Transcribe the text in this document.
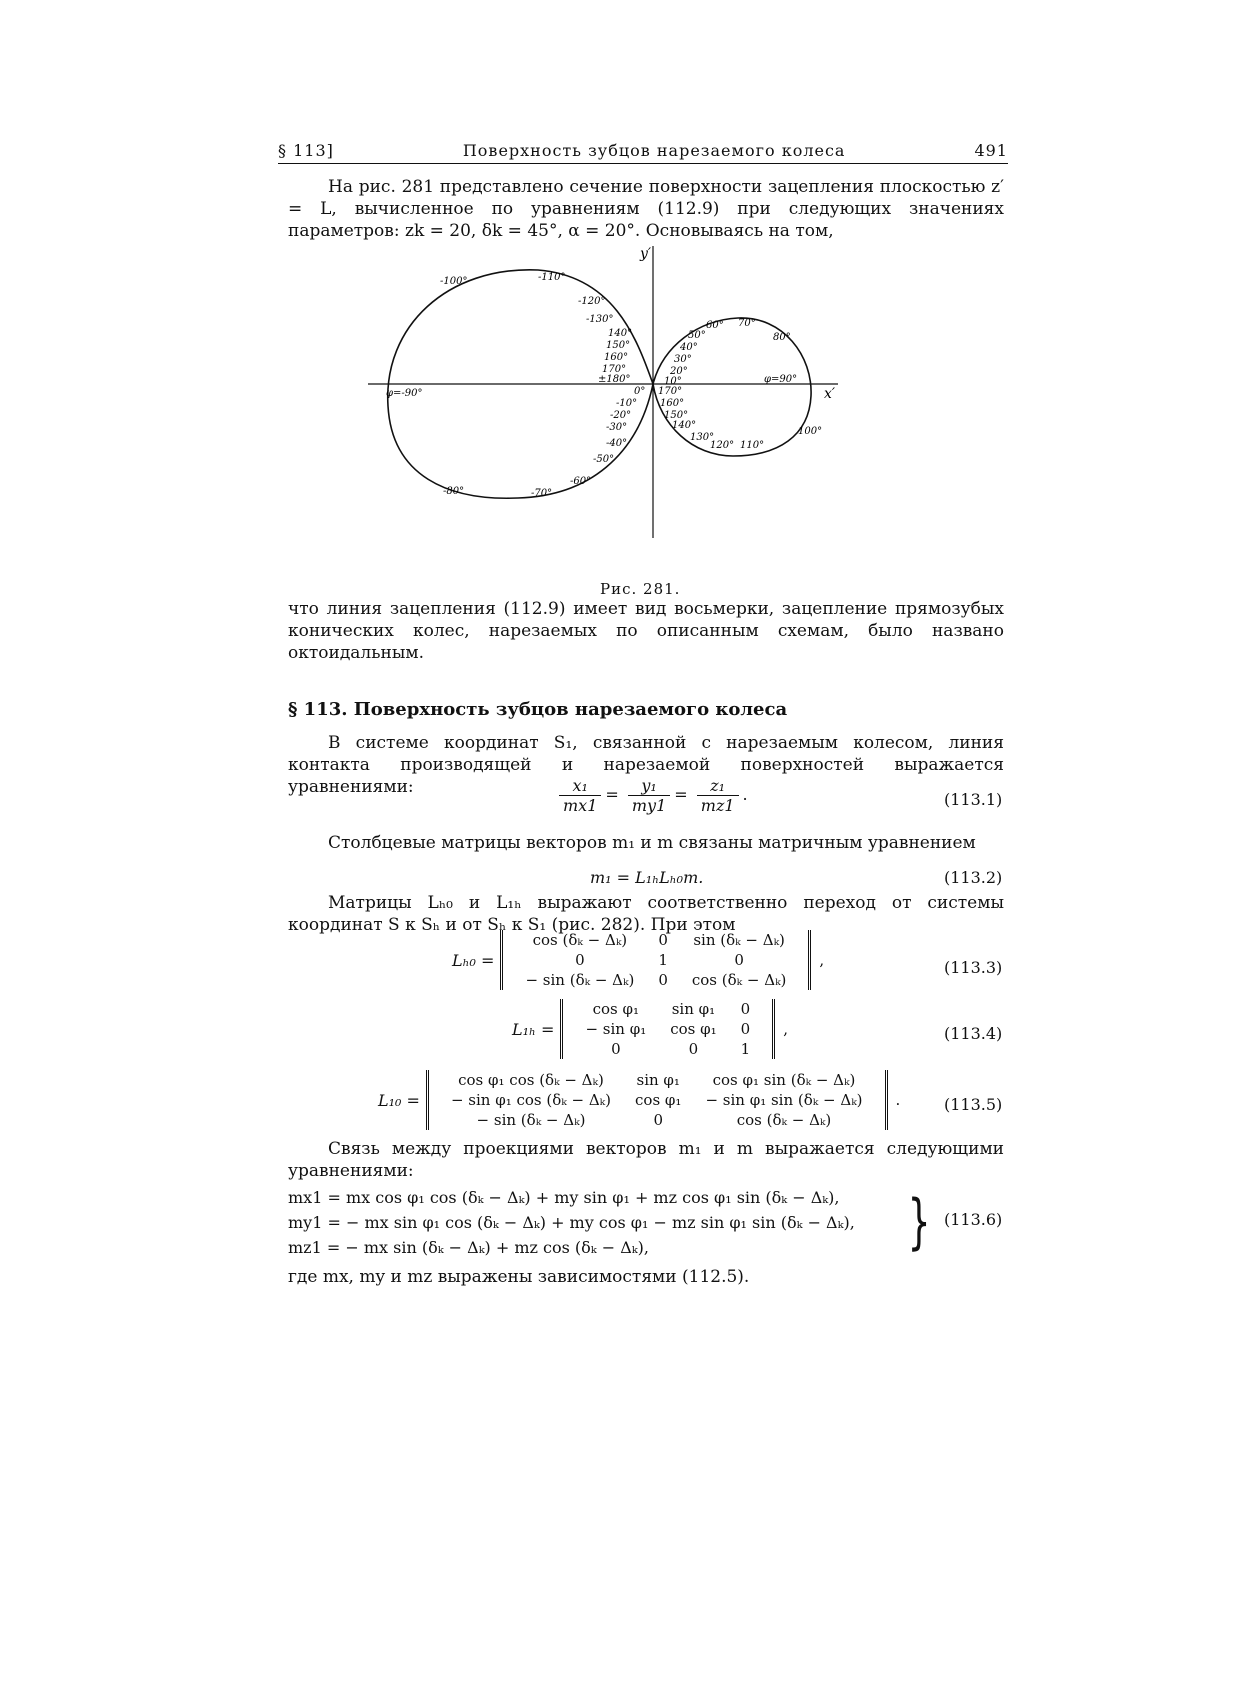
§ 113]	Поверхность зубцов нарезаемого колеса	491

На рис. 281 представлено сечение поверхности зацепления плоскостью z′ = L, вычисленное по уравнениям (112.9) при следующих значениях параметров: zk = 20, δk = 45°, α = 20°. Основываясь на том,

y′
x′
-100°	-110°
-120°
-130°
140°
150°
160°
170°
±180°
φ=-90°
-80°	-70°
-60°
-50°
-40°
-30°
-20°
-10°
0°
60° 70°
80°
50°
40°
30°
20°
10°	φ=90°
170°
160°
150°
140°
130°
120° 110°
100°
Рис. 281.

что линия зацепления (112.9) имеет вид восьмерки, зацепление прямозубых конических колес, нарезаемых по описанным схемам, было названо октоидальным.

§ 113. Поверхность зубцов нарезаемого колеса

В системе координат S₁, связанной с нарезаемым колесом, линия контакта производящей и нарезаемой поверхностей выражается уравнениями:	$\frac{\text{x₁}}{mx1} = \frac{\text{y₁}}{my1} = \frac{\text{z₁}}{mz1}$ .	(113.1)

Столбцевые матрицы векторов m₁ и m связаны матричным уравнением

m₁ = L₁ₕLₕ₀m.	(113.2)

Матрицы Lₕ₀ и L₁ₕ выражают соответственно переход от системы координат S к Sₕ и от Sₕ к S₁ (рис. 282). При этом

Lₕ₀ =
cos (δₖ − Δₖ)	0	sin (δₖ − Δₖ)
0	1	0
− sin (δₖ − Δₖ)	0	cos (δₖ − Δₖ)
,	(113.3)
L₁ₕ =
cos φ₁	sin φ₁	0
− sin φ₁	cos φ₁	0
0	0	1
,	(113.4)
L₁₀ =
cos φ₁ cos (δₖ − Δₖ)	sin φ₁	cos φ₁ sin (δₖ − Δₖ)
− sin φ₁ cos (δₖ − Δₖ)	cos φ₁	− sin φ₁ sin (δₖ − Δₖ)
− sin (δₖ − Δₖ)	0	cos (δₖ − Δₖ)
.	(113.5)

Связь между проекциями векторов m₁ и m выражается следующими уравнениями:

mx1 = mx cos φ₁ cos (δₖ − Δₖ) + my sin φ₁ + mz cos φ₁ sin (δₖ − Δₖ),
my1 = − mx sin φ₁ cos (δₖ − Δₖ) + my cos φ₁ − mz sin φ₁ sin (δₖ − Δₖ),
mz1 = − mx sin (δₖ − Δₖ) + mz cos (δₖ − Δₖ),	} (113.6)

где mx, my и mz выражены зависимостями (112.5).
